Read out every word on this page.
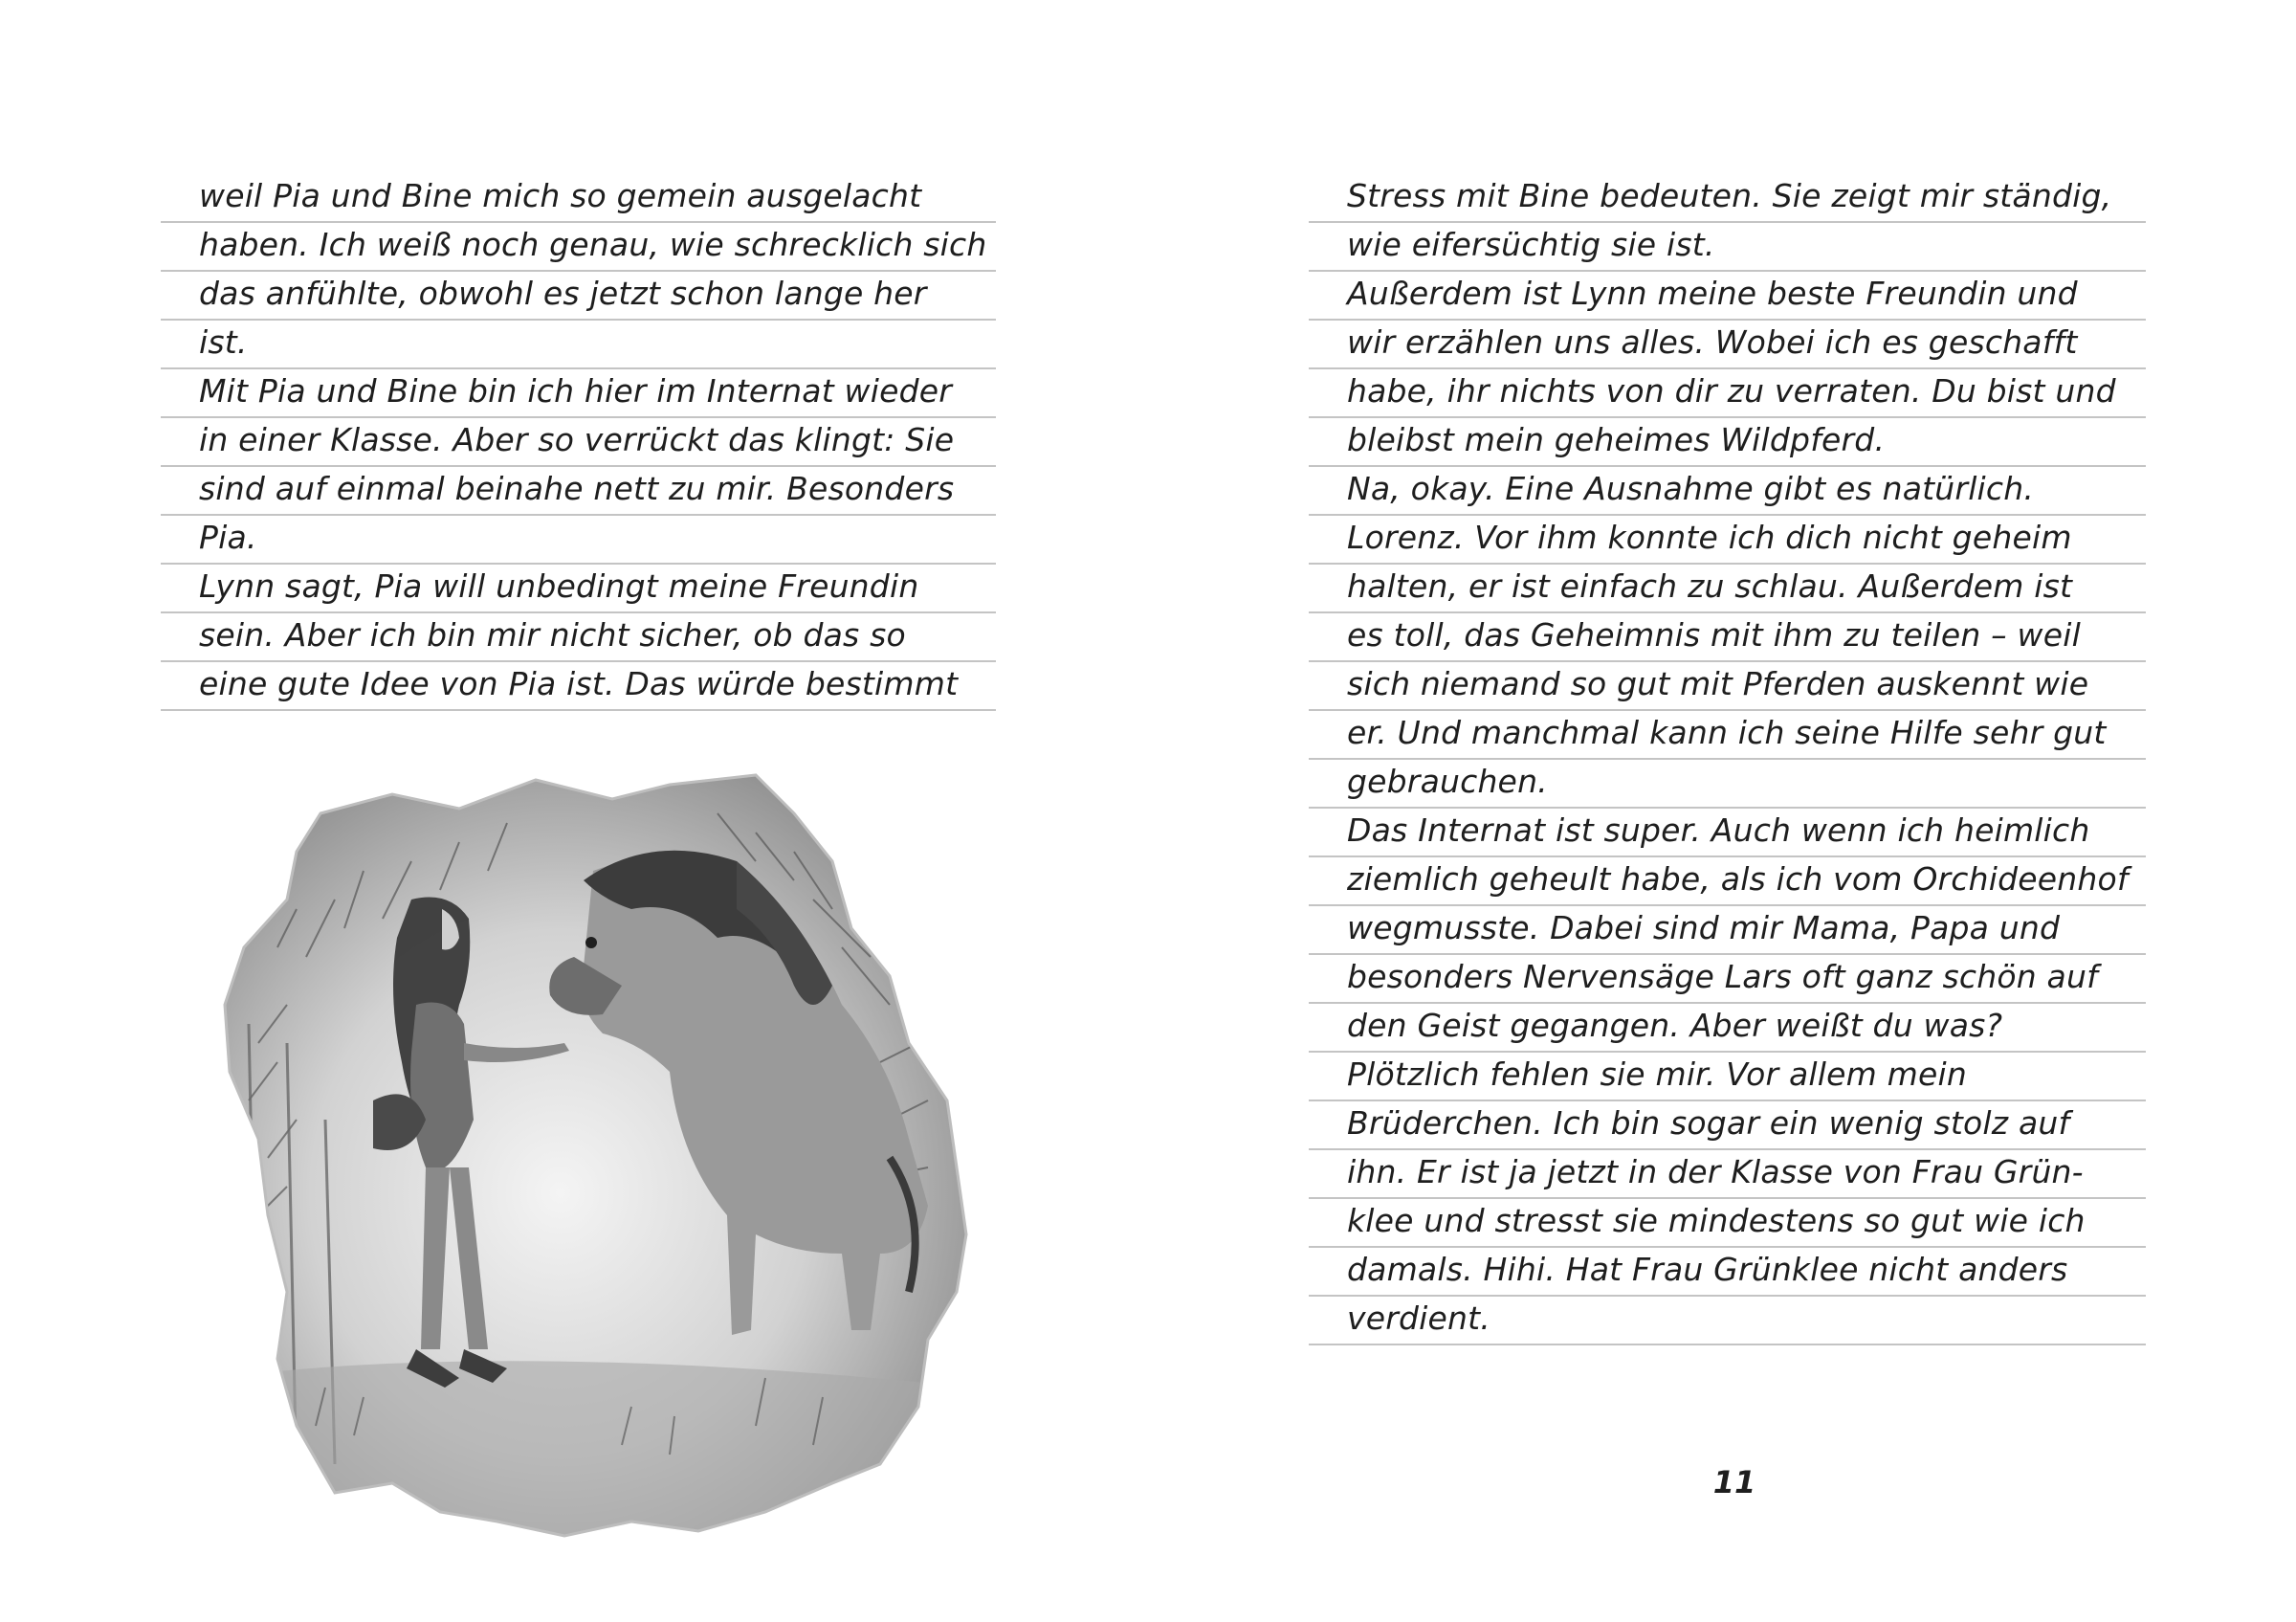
weil Pia und Bine mich so gemein ausgelacht
haben. Ich weiß noch genau, wie schrecklich sich
das anfühlte, obwohl es jetzt schon lange her
ist.
Mit Pia und Bine bin ich hier im Internat wieder
in einer Klasse. Aber so verrückt das klingt: Sie
sind auf einmal beinahe nett zu mir. Besonders
Pia.
Lynn sagt, Pia will unbedingt meine Freundin
sein. Aber ich bin mir nicht sicher, ob das so
eine gute Idee von Pia ist. Das würde bestimmt
Stress mit Bine bedeuten. Sie zeigt mir ständig,
wie eifersüchtig sie ist.
Außerdem ist Lynn meine beste Freundin und
wir erzählen uns alles. Wobei ich es geschafft
habe, ihr nichts von dir zu verraten. Du bist und
bleibst mein geheimes Wildpferd.
Na, okay. Eine Ausnahme gibt es natürlich.
Lorenz. Vor ihm konnte ich dich nicht geheim
halten, er ist einfach zu schlau. Außerdem ist
es toll, das Geheimnis mit ihm zu teilen – weil
sich niemand so gut mit Pferden auskennt wie
er. Und manchmal kann ich seine Hilfe sehr gut
gebrauchen.
Das Internat ist super. Auch wenn ich heimlich
ziemlich geheult habe, als ich vom Orchideenhof
wegmusste. Dabei sind mir Mama, Papa und
besonders Nervensäge Lars oft ganz schön auf
den Geist gegangen. Aber weißt du was?
Plötzlich fehlen sie mir. Vor allem mein
Brüderchen. Ich bin sogar ein wenig stolz auf
ihn. Er ist ja jetzt in der Klasse von Frau Grün-
klee und stresst sie mindestens so gut wie ich
damals. Hihi. Hat Frau Grünklee nicht anders
verdient.
11
